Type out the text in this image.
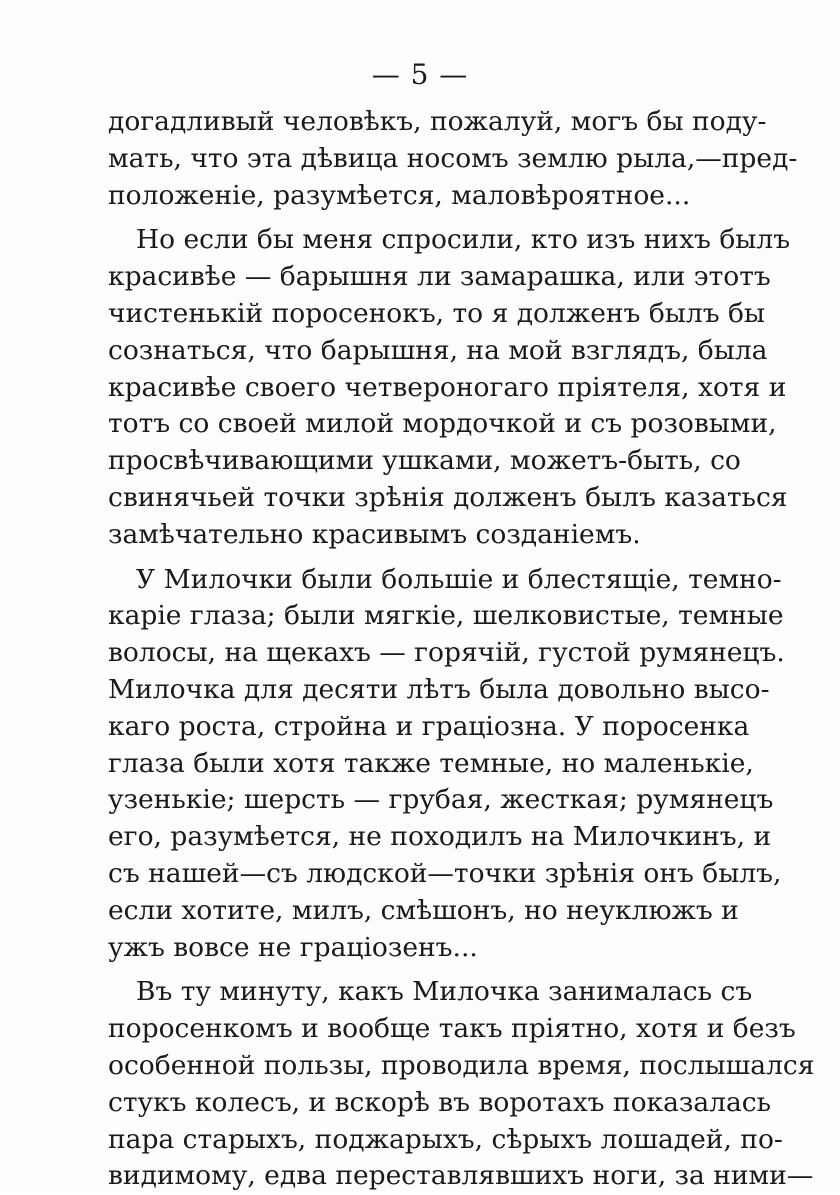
— 5 —
догадливый человѣкъ, пожалуй, могъ бы поду-
мать, что эта дѣвица носомъ землю рыла,—пред-
положеніе, разумѣется, маловѣроятное...
Но если бы меня спросили, кто изъ нихъ былъ
красивѣе — барышня ли замарашка, или этотъ
чистенькій поросенокъ, то я долженъ былъ бы
сознаться, что барышня, на мой взглядъ, была
красивѣе своего четвероногаго пріятеля, хотя и
тотъ со своей милой мордочкой и съ розовыми,
просвѣчивающими ушками, можетъ-быть, со
свинячьей точки зрѣнія долженъ былъ казаться
замѣчательно красивымъ созданіемъ.
У Милочки были большіе и блестящіе, темно-
каріе глаза; были мягкіе, шелковистые, темные
волосы, на щекахъ — горячій, густой румянецъ.
Милочка для десяти лѣтъ была довольно высо-
каго роста, стройна и граціозна. У поросенка
глаза были хотя также темные, но маленькіе,
узенькіе; шерсть — грубая, жесткая; румянецъ
его, разумѣется, не походилъ на Милочкинъ, и
съ нашей—съ людской—точки зрѣнія онъ былъ,
если хотите, милъ, смѣшонъ, но неуклюжъ и
ужъ вовсе не граціозенъ...
Въ ту минуту, какъ Милочка занималась съ
поросенкомъ и вообще такъ пріятно, хотя и безъ
особенной пользы, проводила время, послышался
стукъ колесъ, и вскорѣ въ воротахъ показалась
пара старыхъ, поджарыхъ, сѣрыхъ лошадей, по-
видимому, едва переставлявшихъ ноги, за ними—
